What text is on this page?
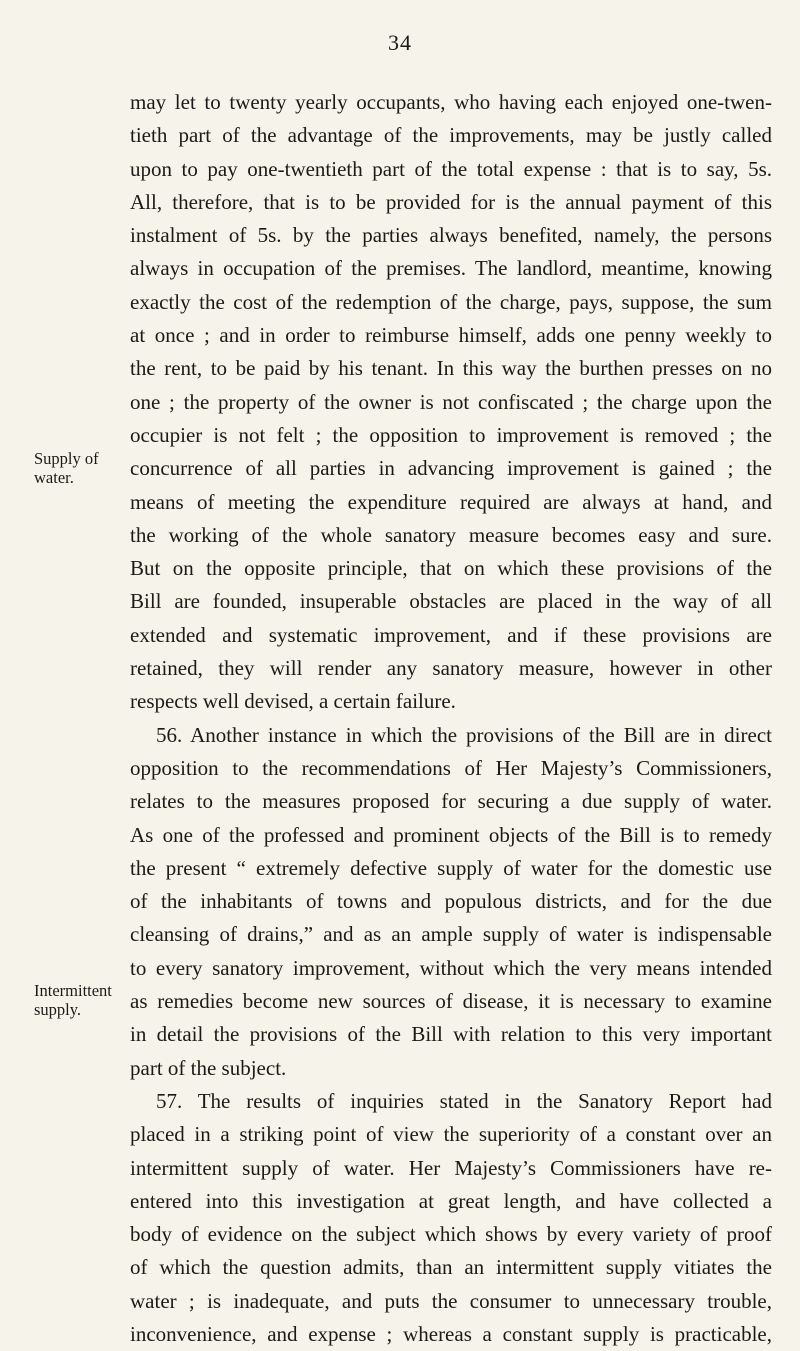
34
Supply of
water.
Intermittent
supply.
may let to twenty yearly occupants, who having each enjoyed one-twen-
tieth part of the advantage of the improvements, may be justly called
upon to pay one-twentieth part of the total expense : that is to say, 5s.
All, therefore, that is to be provided for is the annual payment of this
instalment of 5s. by the parties always benefited, namely, the persons
always in occupation of the premises. The landlord, meantime, knowing
exactly the cost of the redemption of the charge, pays, suppose, the sum
at once ; and in order to reimburse himself, adds one penny weekly to
the rent, to be paid by his tenant. In this way the burthen presses on no
one ; the property of the owner is not confiscated ; the charge upon the
occupier is not felt ; the opposition to improvement is removed ; the
concurrence of all parties in advancing improvement is gained ; the
means of meeting the expenditure required are always at hand, and
the working of the whole sanatory measure becomes easy and sure.
But on the opposite principle, that on which these provisions of the
Bill are founded, insuperable obstacles are placed in the way of all
extended and systematic improvement, and if these provisions are
retained, they will render any sanatory measure, however in other
respects well devised, a certain failure.
56. Another instance in which the provisions of the Bill are in direct
opposition to the recommendations of Her Majesty’s Commissioners,
relates to the measures proposed for securing a due supply of water.
As one of the professed and prominent objects of the Bill is to remedy
the present “ extremely defective supply of water for the domestic use
of the inhabitants of towns and populous districts, and for the due
cleansing of drains,” and as an ample supply of water is indispensable
to every sanatory improvement, without which the very means intended
as remedies become new sources of disease, it is necessary to examine
in detail the provisions of the Bill with relation to this very important
part of the subject.
57. The results of inquiries stated in the Sanatory Report had
placed in a striking point of view the superiority of a constant over an
intermittent supply of water. Her Majesty’s Commissioners have re-
entered into this investigation at great length, and have collected a
body of evidence on the subject which shows by every variety of proof
of which the question admits, than an intermittent supply vitiates the
water ; is inadequate, and puts the consumer to unnecessary trouble,
inconvenience, and expense ; whereas a constant supply is practicable,
